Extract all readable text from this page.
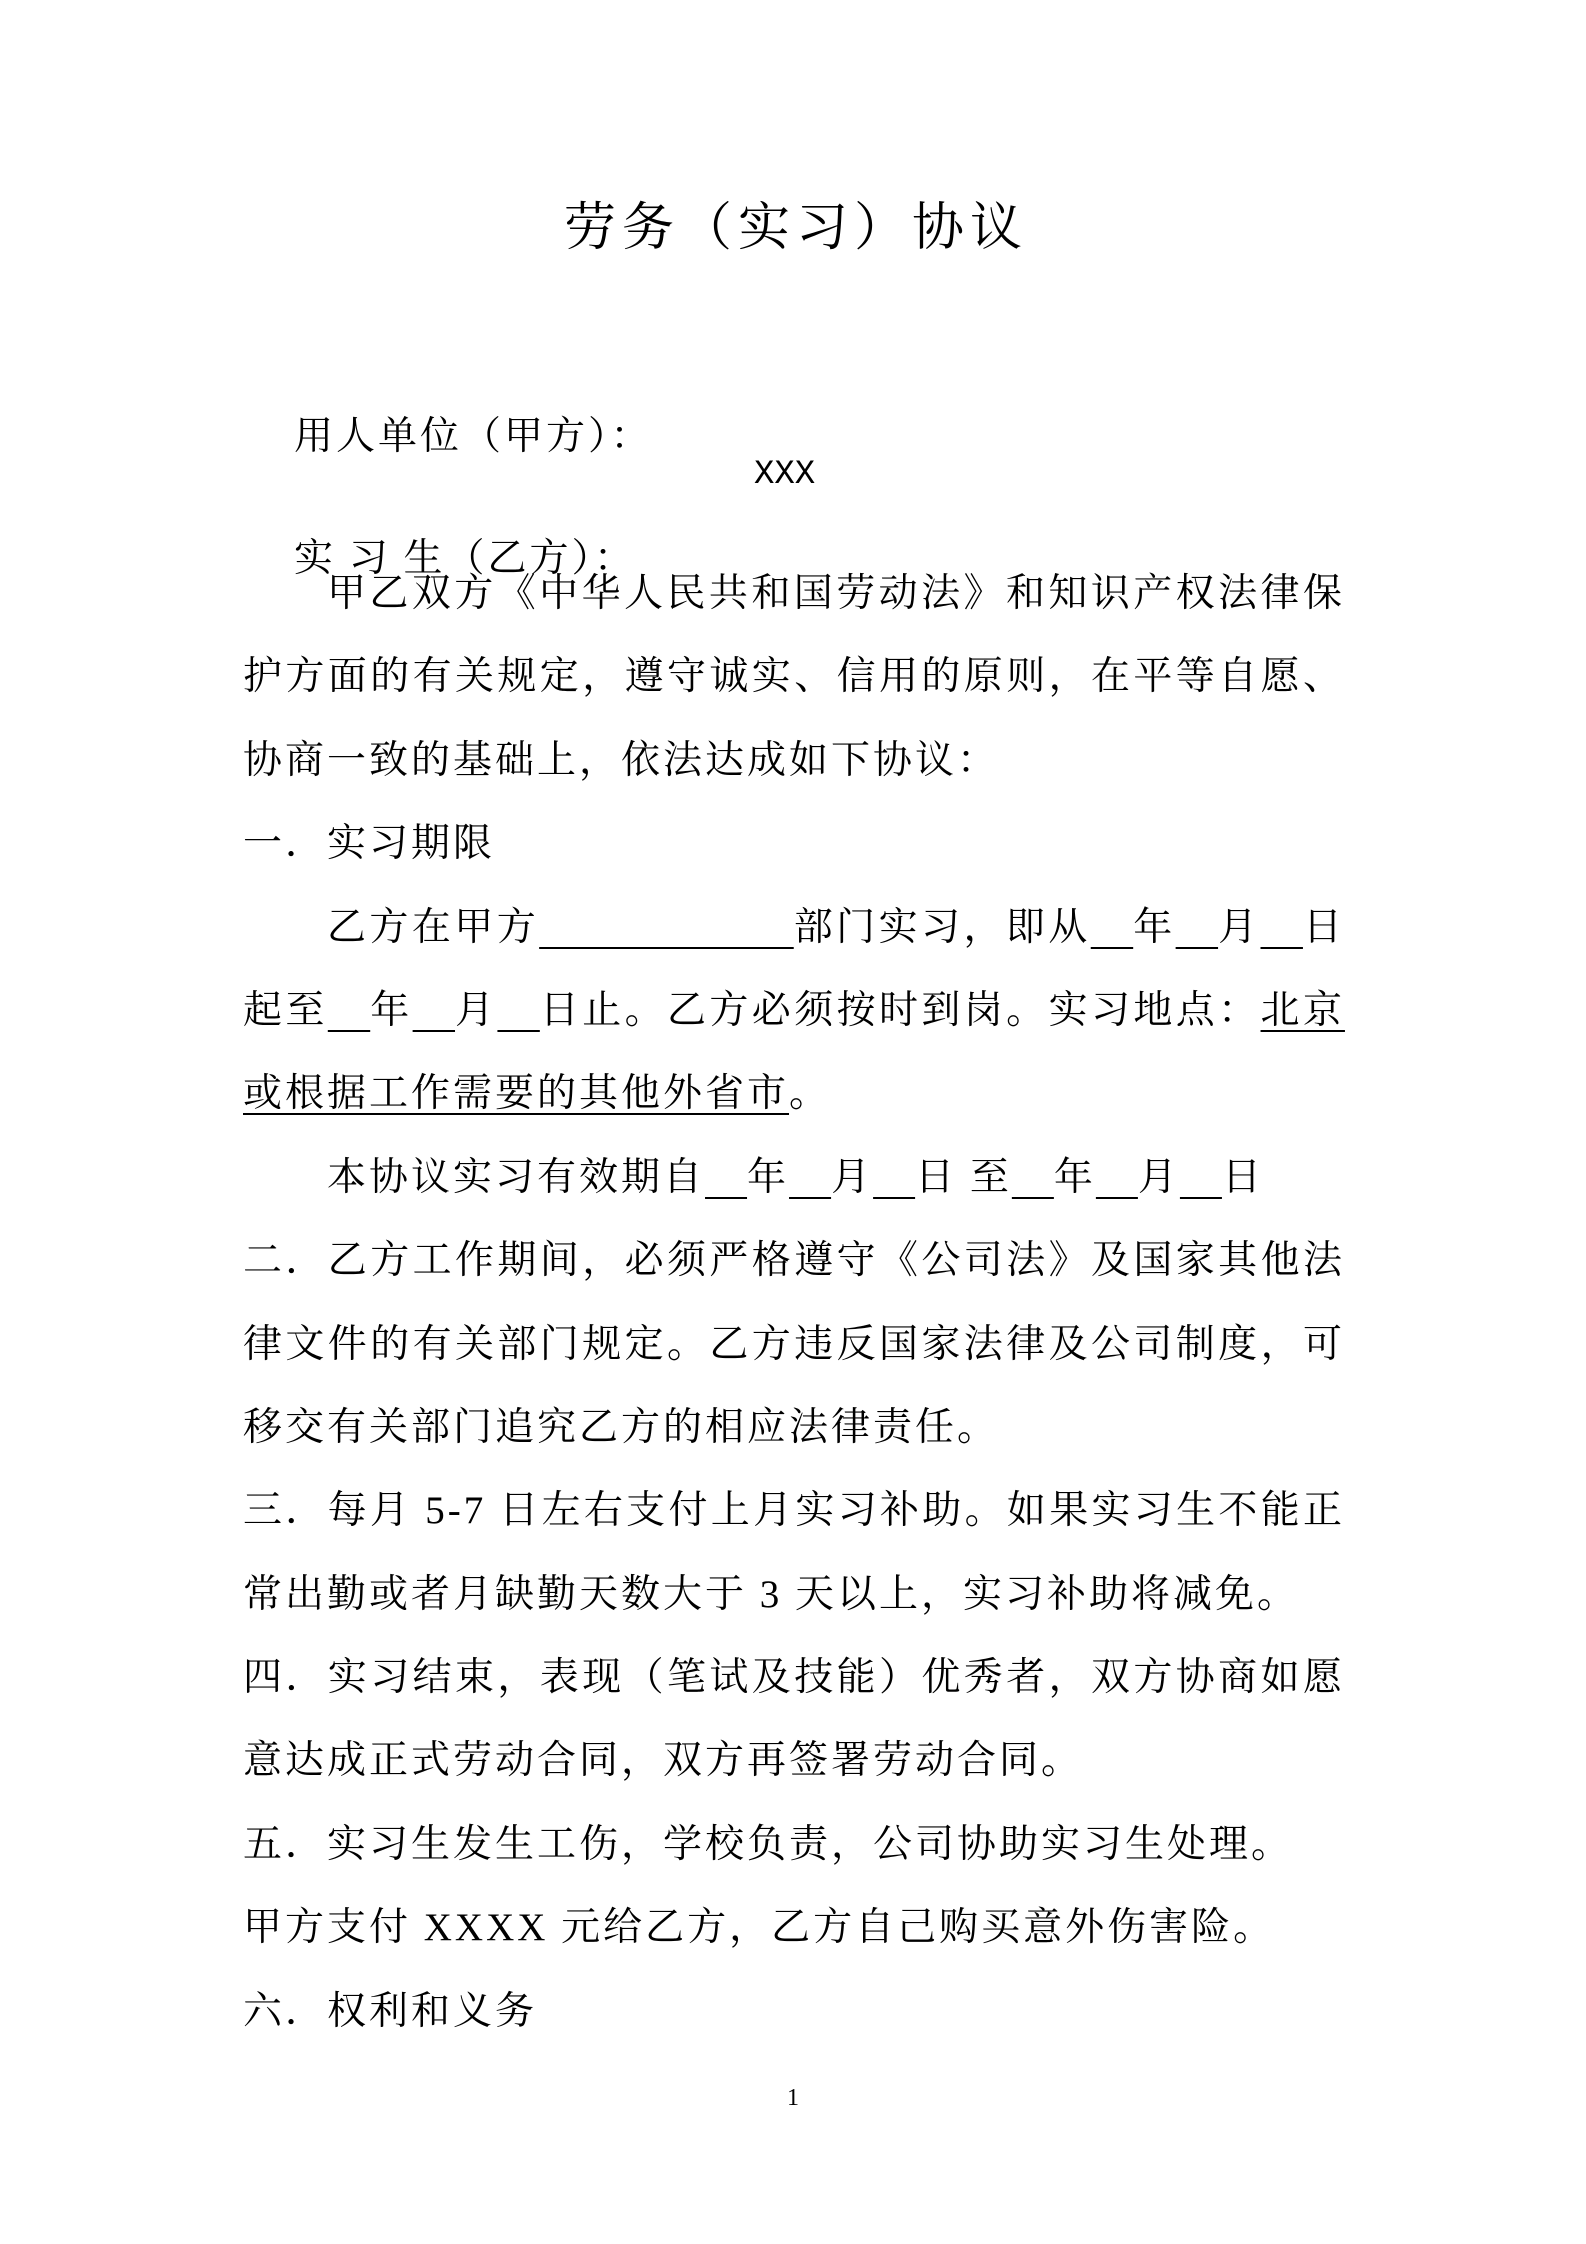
劳务（实习）协议

用人单位（甲方）：

实 习 生（乙方）：

XXX

甲乙双方《中华人民共和国劳动法》和知识产权法律保
护方面的有关规定，遵守诚实、信用的原则，在平等自愿、
协商一致的基础上，依法达成如下协议：
一．实习期限
乙方在甲方　　　　　　	部门实习，即从　 年　 月　 日
起至　 年　 月　 日止。乙方必须按时到岗。实习地点：北京
或根据工作需要的其他外省市。
本协议实习有效期自　 年　 月　 日 至　 年　 月　 日
二．乙方工作期间，必须严格遵守《公司法》及国家其他法
律文件的有关部门规定。乙方违反国家法律及公司制度，可
移交有关部门追究乙方的相应法律责任。
三．每月 5-7 日左右支付上月实习补助。如果实习生不能正
常出勤或者月缺勤天数大于 3 天以上，实习补助将减免。
四．实习结束，表现（笔试及技能）优秀者，双方协商如愿
意达成正式劳动合同，双方再签署劳动合同。
五．实习生发生工伤，学校负责，公司协助实习生处理。
甲方支付 XXXX 元给乙方，乙方自己购买意外伤害险。
六．权利和义务
1
